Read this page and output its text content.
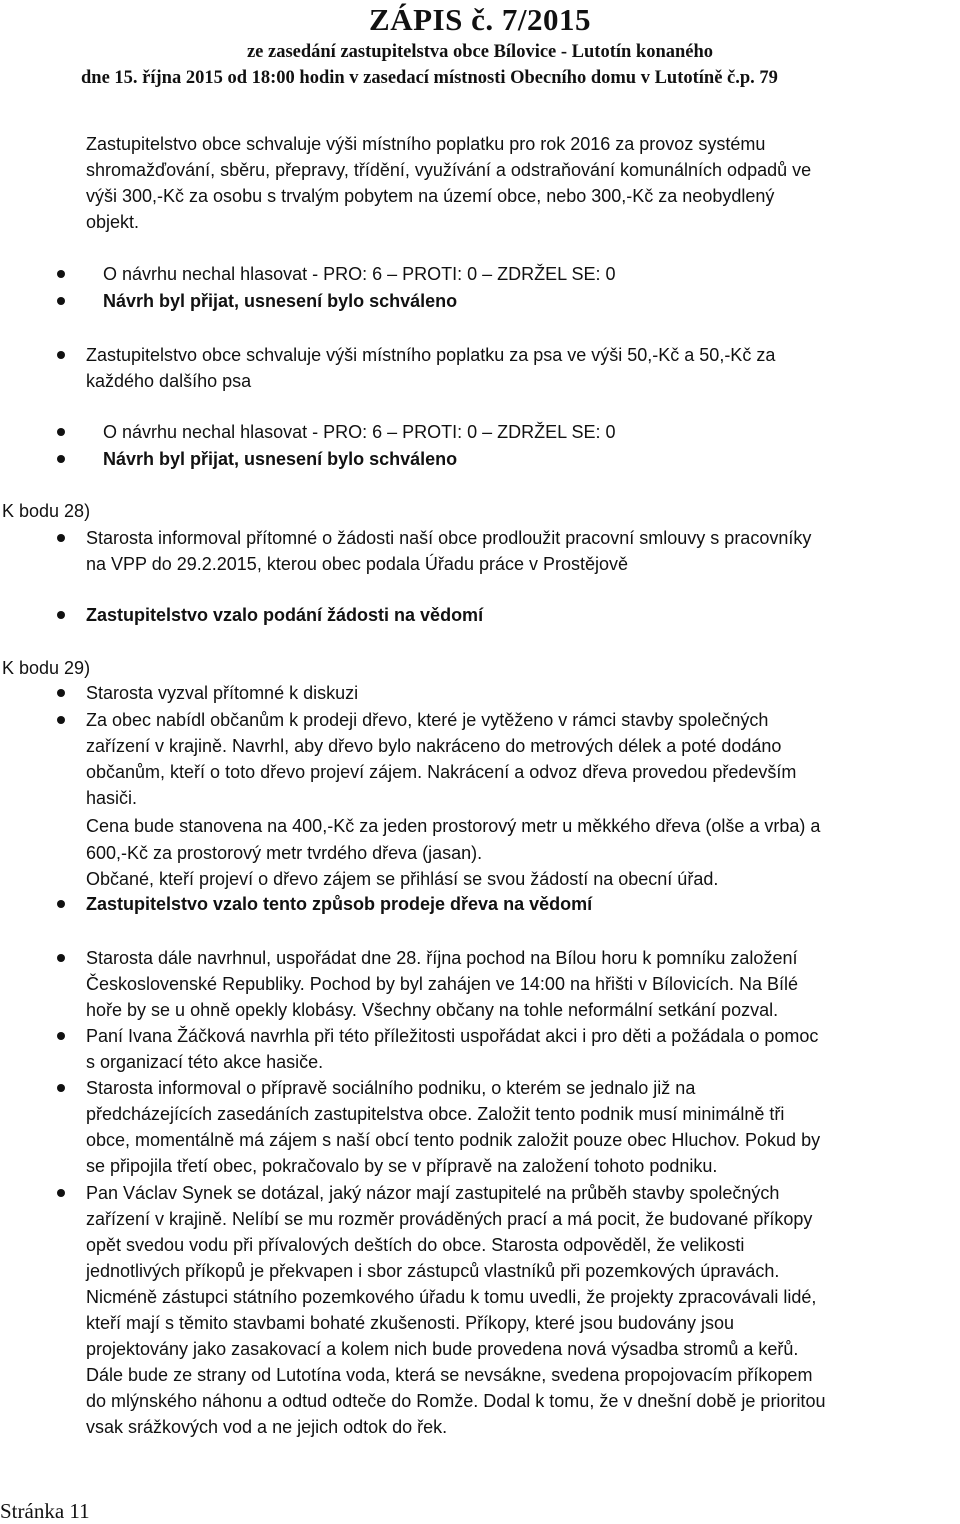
ZÁPIS č. 7/2015
ze zasedání zastupitelstva obce Bílovice - Lutotín konaného
dne 15. října 2015 od 18:00 hodin v zasedací místnosti Obecního domu v Lutotíně č.p. 79
Zastupitelstvo obce schvaluje výši místního poplatku pro rok 2016 za provoz systému
shromažďování, sběru, přepravy, třídění, využívání a odstraňování komunálních odpadů ve
výši 300,-Kč za osobu s trvalým pobytem na území obce, nebo 300,-Kč za neobydlený
objekt.
O návrhu nechal hlasovat - PRO: 6 – PROTI: 0 – ZDRŽEL SE: 0
Návrh byl přijat, usnesení bylo schváleno
Zastupitelstvo obce schvaluje výši místního poplatku za psa ve výši 50,-Kč a 50,-Kč za
každého dalšího psa
O návrhu nechal hlasovat - PRO: 6 – PROTI: 0 – ZDRŽEL SE: 0
Návrh byl přijat, usnesení bylo schváleno
K bodu 28)
Starosta informoval přítomné o žádosti naší obce prodloužit pracovní smlouvy s pracovníky
na VPP do 29.2.2015, kterou obec podala Úřadu práce v Prostějově
Zastupitelstvo vzalo podání žádosti na vědomí
K bodu 29)
Starosta vyzval přítomné k diskuzi
Za obec nabídl občanům k prodeji dřevo, které je vytěženo v rámci stavby společných
zařízení v krajině. Navrhl, aby dřevo bylo nakráceno do metrových délek a poté dodáno
občanům, kteří o toto dřevo projeví zájem. Nakrácení a odvoz dřeva provedou především
hasiči.
Cena bude stanovena na 400,-Kč za jeden prostorový metr u měkkého dřeva (olše a vrba) a
600,-Kč za prostorový metr tvrdého dřeva (jasan).
Občané, kteří projeví o dřevo zájem se přihlásí se svou žádostí na obecní úřad.
Zastupitelstvo vzalo tento způsob prodeje dřeva na vědomí
Starosta dále navrhnul, uspořádat dne 28. října pochod na Bílou horu k pomníku založení
Československé Republiky. Pochod by byl zahájen ve 14:00 na hřišti v Bílovicích. Na Bílé
hoře by se u ohně opekly klobásy. Všechny občany na tohle neformální setkání pozval.
Paní Ivana Žáčková navrhla při této příležitosti uspořádat akci i pro děti a požádala o pomoc
s organizací této akce hasiče.
Starosta informoval o přípravě sociálního podniku, o kterém se jednalo již na
předcházejících zasedáních zastupitelstva obce. Založit tento podnik musí minimálně tři
obce, momentálně má zájem s naší obcí tento podnik založit pouze obec Hluchov. Pokud by
se připojila třetí obec, pokračovalo by se v přípravě na založení tohoto podniku.
Pan Václav Synek se dotázal, jaký názor mají zastupitelé na průběh stavby společných
zařízení v krajině. Nelíbí se mu rozměr prováděných prací a má pocit, že budované příkopy
opět svedou vodu při přívalových deštích do obce. Starosta odpověděl, že velikosti
jednotlivých příkopů je překvapen i sbor zástupců vlastníků při pozemkových úpravách.
Nicméně zástupci státního pozemkového úřadu k tomu uvedli, že projekty zpracovávali lidé,
kteří mají s těmito stavbami bohaté zkušenosti. Příkopy, které jsou budovány jsou
projektovány jako zasakovací a kolem nich bude provedena nová výsadba stromů a keřů.
Dále bude ze strany od Lutotína voda, která se nevsákne, svedena propojovacím příkopem
do mlýnského náhonu a odtud odteče do Romže. Dodal k tomu, že v dnešní době je prioritou
vsak srážkových vod a ne jejich odtok do řek.
Stránka 11
